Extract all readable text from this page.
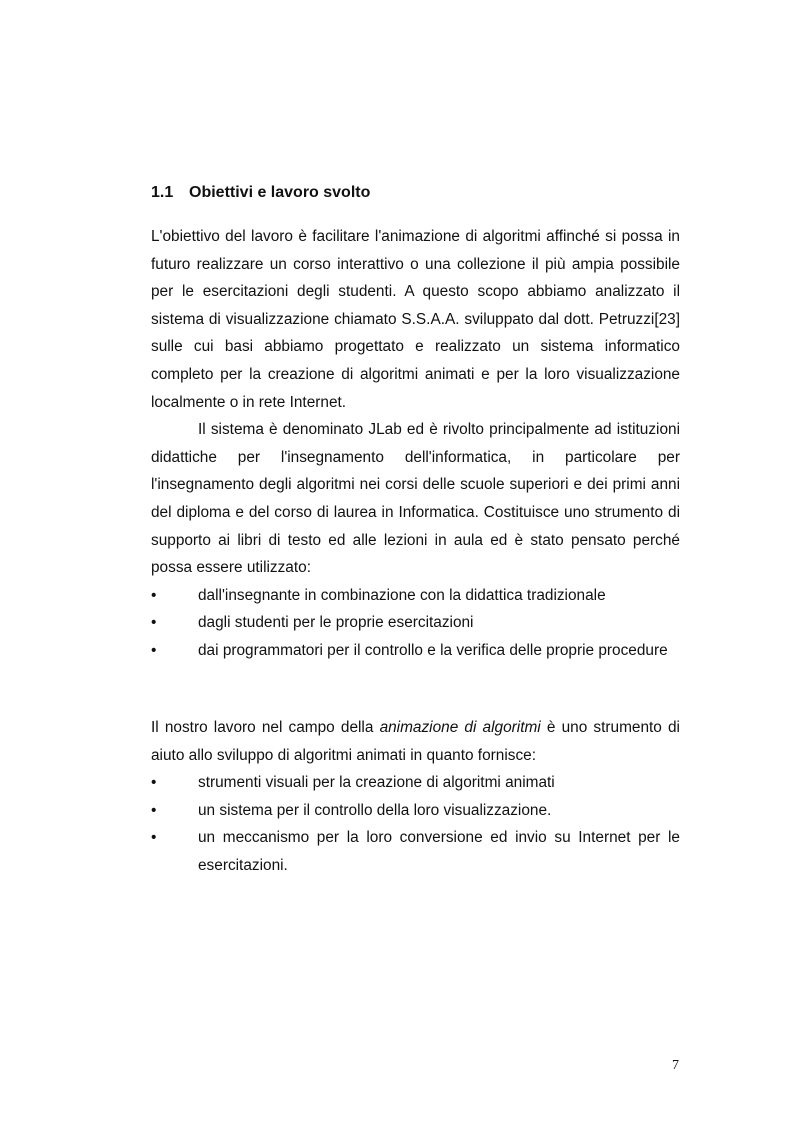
1.1 Obiettivi e lavoro svolto

L'obiettivo del lavoro è facilitare l'animazione di algoritmi affinché si possa in futuro realizzare un corso interattivo o una collezione il più ampia possibile per le esercitazioni degli studenti. A questo scopo abbiamo analizzato il sistema di visualizzazione chiamato S.S.A.A. sviluppato dal dott. Petruzzi[23] sulle cui basi abbiamo progettato e realizzato un sistema informatico completo per la creazione di algoritmi animati e per la loro visualizzazione localmente o in rete Internet.

Il sistema è denominato JLab ed è rivolto principalmente ad istituzioni didattiche per l'insegnamento dell'informatica, in particolare per l'insegnamento degli algoritmi nei corsi delle scuole superiori e dei primi anni del diploma e del corso di laurea in Informatica. Costituisce uno strumento di supporto ai libri di testo ed alle lezioni in aula ed è stato pensato perché possa essere utilizzato:

•	dall'insegnante in combinazione con la didattica tradizionale
•	dagli studenti per le proprie esercitazioni
•	dai programmatori per il controllo e la verifica delle proprie procedure

Il nostro lavoro nel campo della animazione di algoritmi è uno strumento di aiuto allo sviluppo di algoritmi animati in quanto fornisce:

•	strumenti visuali per la creazione di algoritmi animati
•	un sistema per il controllo della loro visualizzazione.
•	un meccanismo per la loro conversione ed invio su Internet per le esercitazioni.
7
